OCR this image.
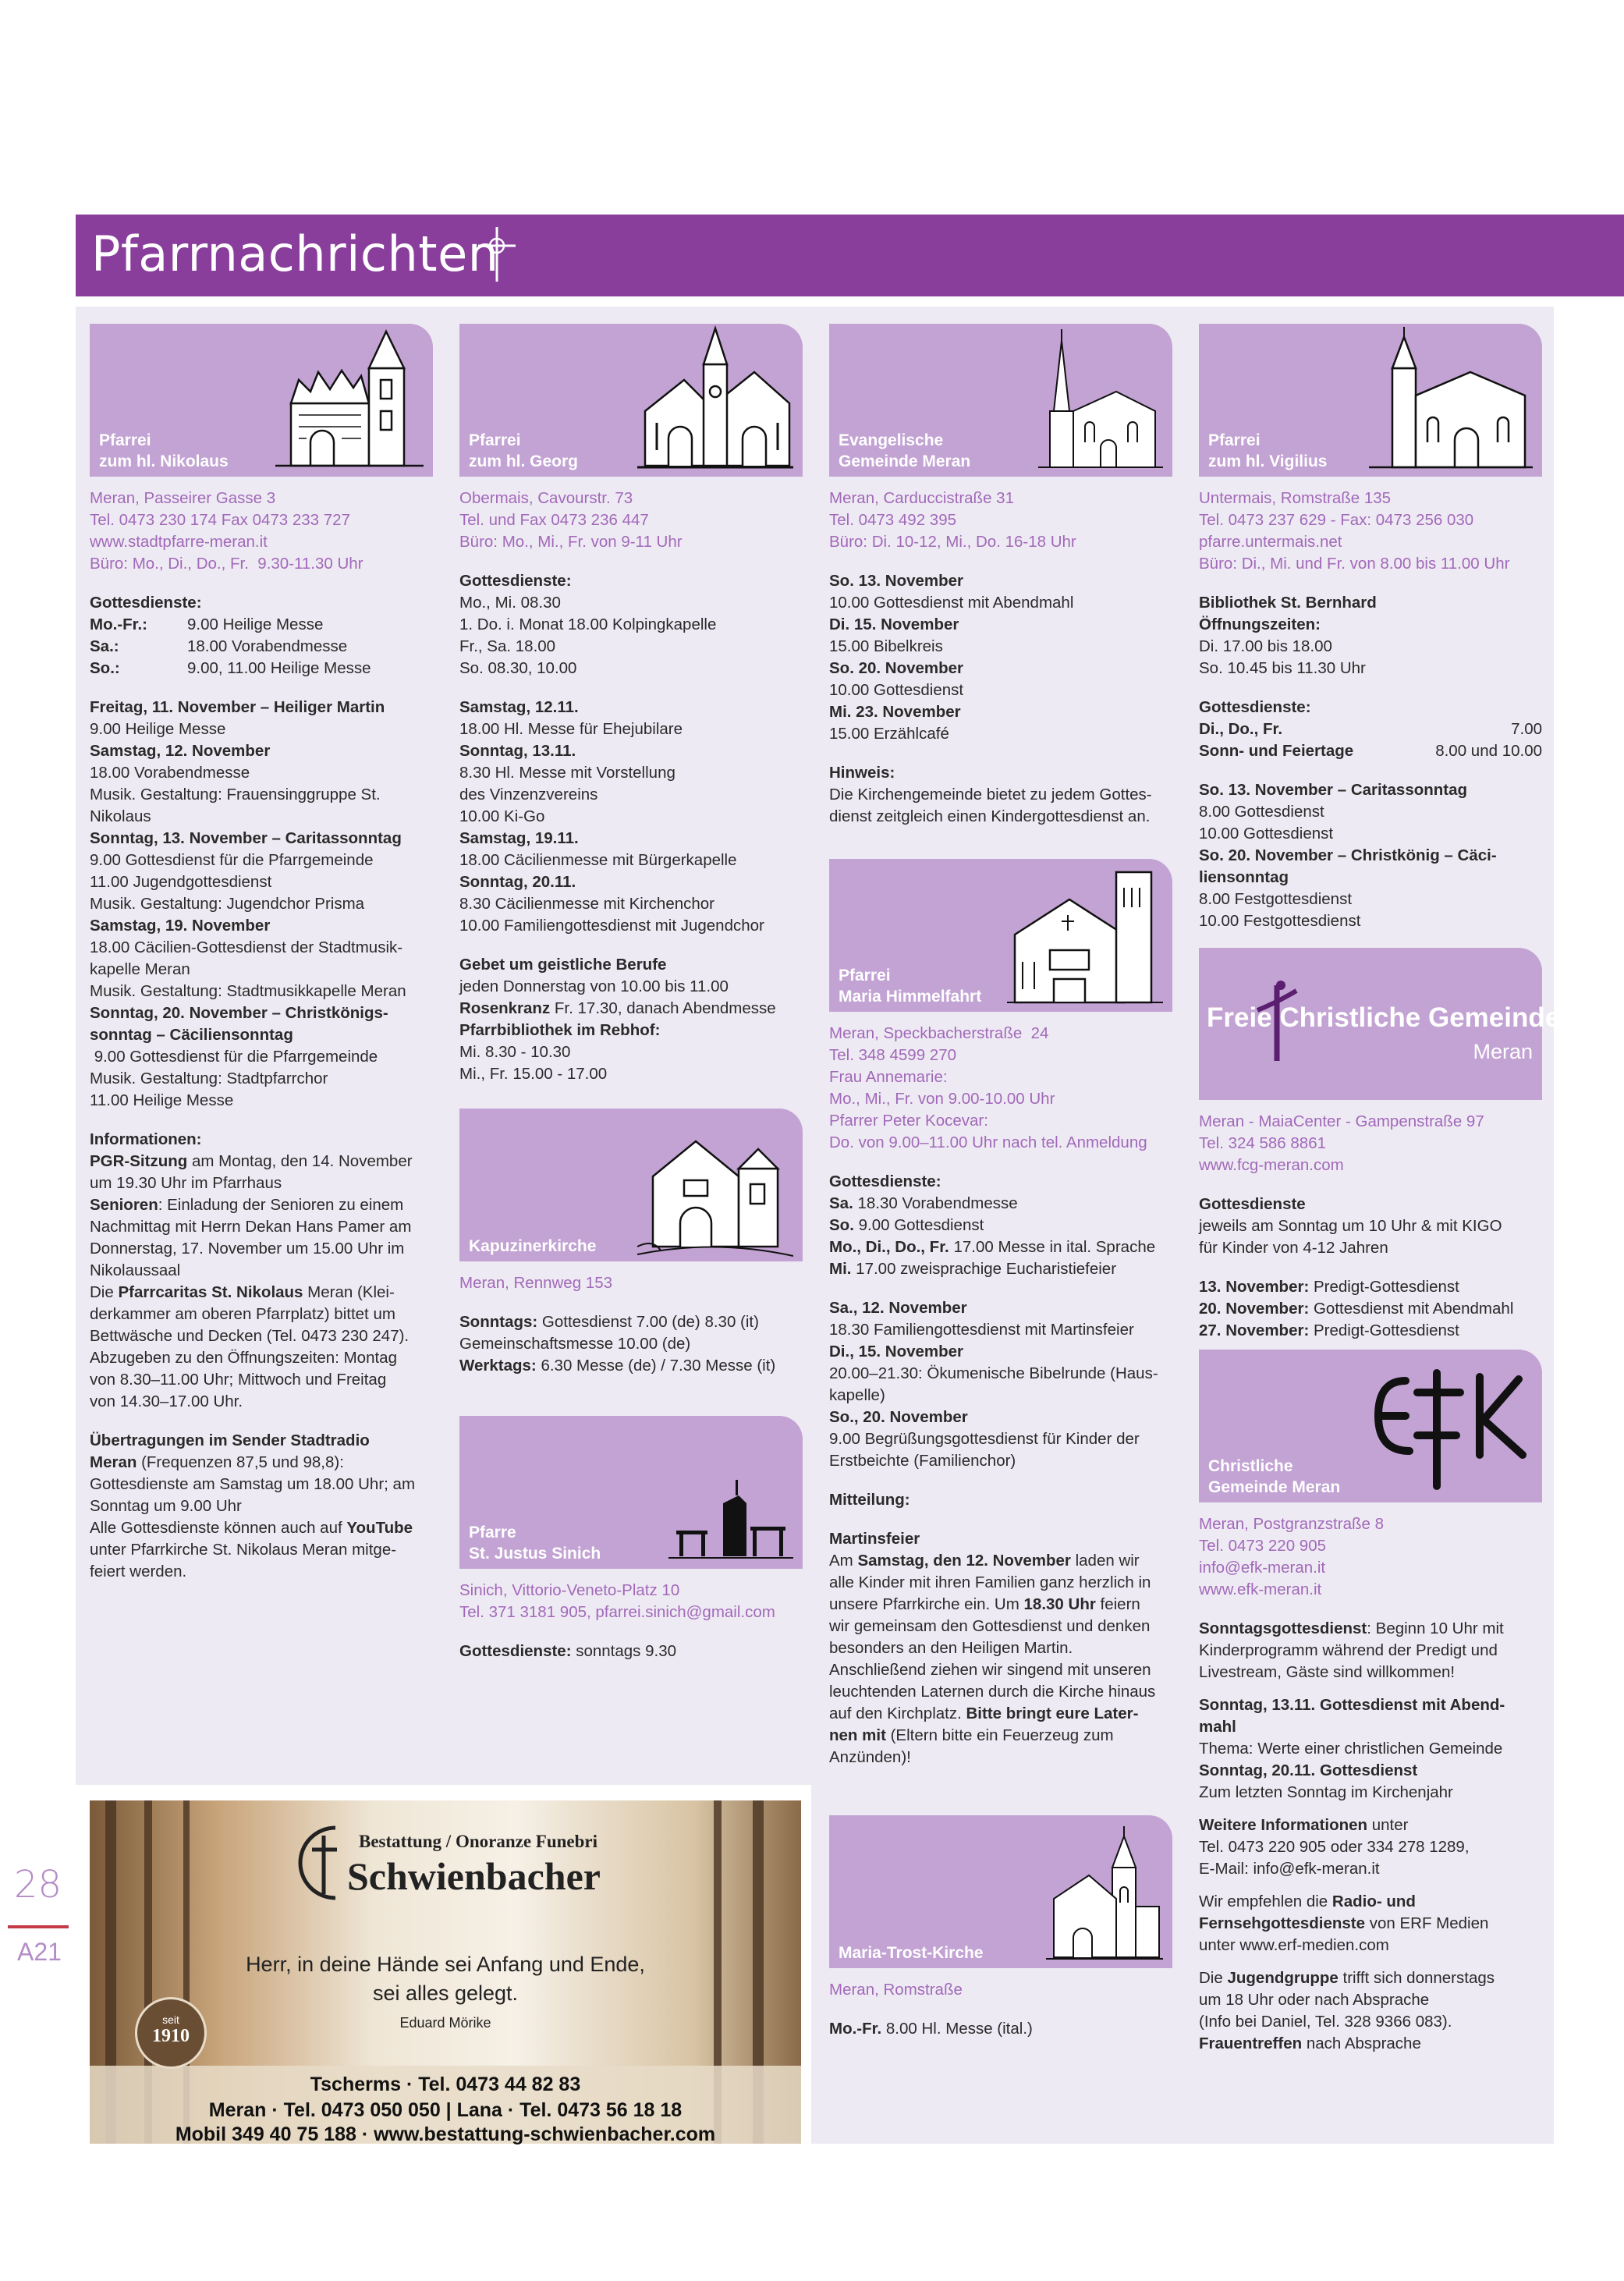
Pfarrnachrichten
28
A21
Pfarrei
zum hl. Nikolaus
Meran, Passeirer Gasse 3
Tel. 0473 230 174 Fax 0473 233 727
www.stadtpfarre-meran.it
Büro: Mo., Di., Do., Fr.  9.30-11.30 Uhr
Gottesdienste:
Mo.-Fr.: 9.00 Heilige Messe
Sa.:	18.00 Vorabendmesse
So.:	9.00, 11.00 Heilige Messe
Freitag, 11. November – Heiliger Martin
9.00 Heilige Messe
Samstag, 12. November
18.00 Vorabendmesse
Musik. Gestaltung: Frauensinggruppe St.
Nikolaus
Sonntag, 13. November – Caritassonntag
9.00 Gottesdienst für die Pfarrgemeinde
11.00 Jugendgottesdienst
Musik. Gestaltung: Jugendchor Prisma
Samstag, 19. November
18.00 Cäcilien-Gottesdienst der Stadtmusik-
kapelle Meran
Musik. Gestaltung: Stadtmusikkapelle Meran
Sonntag, 20. November – Christkönigs-
sonntag – Cäciliensonntag
9.00 Gottesdienst für die Pfarrgemeinde
Musik. Gestaltung: Stadtpfarrchor
11.00 Heilige Messe
Informationen:
PGR-Sitzung am Montag, den 14. November
um 19.30 Uhr im Pfarrhaus
Senioren: Einladung der Senioren zu einem
Nachmittag mit Herrn Dekan Hans Pamer am
Donnerstag, 17. November um 15.00 Uhr im
Nikolaussaal
Die Pfarrcaritas St. Nikolaus Meran (Klei-
derkammer am oberen Pfarrplatz) bittet um
Bettwäsche und Decken (Tel. 0473 230 247).
Abzugeben zu den Öffnungszeiten: Montag
von 8.30–11.00 Uhr; Mittwoch und Freitag
von 14.30–17.00 Uhr.
Übertragungen im Sender Stadtradio
Meran (Frequenzen 87,5 und 98,8):
Gottesdienste am Samstag um 18.00 Uhr; am
Sonntag um 9.00 Uhr
Alle Gottesdienste können auch auf YouTube
unter Pfarrkirche St. Nikolaus Meran mitge-
feiert werden.
Pfarrei
zum hl. Georg
Obermais, Cavourstr. 73
Tel. und Fax 0473 236 447
Büro: Mo., Mi., Fr. von 9-11 Uhr
Gottesdienste:
Mo., Mi. 08.30
1. Do. i. Monat 18.00 Kolpingkapelle
Fr., Sa. 18.00
So. 08.30, 10.00
Samstag, 12.11.
18.00 Hl. Messe für Ehejubilare
Sonntag, 13.11.
8.30 Hl. Messe mit Vorstellung
des Vinzenzvereins
10.00 Ki-Go
Samstag, 19.11.
18.00 Cäcilienmesse mit Bürgerkapelle
Sonntag, 20.11.
8.30 Cäcilienmesse mit Kirchenchor
10.00 Familiengottesdienst mit Jugendchor
Gebet um geistliche Berufe
jeden Donnerstag von 10.00 bis 11.00
Rosenkranz Fr. 17.30, danach Abendmesse
Pfarrbibliothek im Rebhof:
Mi. 8.30 - 10.30
Mi., Fr. 15.00 - 17.00
Kapuzinerkirche
Meran, Rennweg 153
Sonntags: Gottesdienst 7.00 (de) 8.30 (it)
Gemeinschaftsmesse 10.00 (de)
Werktags: 6.30 Messe (de) / 7.30 Messe (it)
Pfarre
St. Justus Sinich
Sinich, Vittorio-Veneto-Platz 10
Tel. 371 3181 905, pfarrei.sinich@gmail.com
Gottesdienste: sonntags 9.30
Evangelische
Gemeinde Meran
Meran, Carduccistraße 31
Tel. 0473 492 395
Büro: Di. 10-12, Mi., Do. 16-18 Uhr
So. 13. November
10.00 Gottesdienst mit Abendmahl
Di. 15. November
15.00 Bibelkreis
So. 20. November
10.00 Gottesdienst
Mi. 23. November
15.00 Erzählcafé
Hinweis:
Die Kirchengemeinde bietet zu jedem Gottes-
dienst zeitgleich einen Kindergottesdienst an.
Pfarrei
Maria Himmelfahrt
Meran, Speckbacherstraße  24
Tel. 348 4599 270
Frau Annemarie:
Mo., Mi., Fr. von 9.00-10.00 Uhr
Pfarrer Peter Kocevar:
Do. von 9.00–11.00 Uhr nach tel. Anmeldung
Gottesdienste:
Sa. 18.30 Vorabendmesse
So. 9.00 Gottesdienst
Mo., Di., Do., Fr. 17.00 Messe in ital. Sprache
Mi. 17.00 zweisprachige Eucharistiefeier
Sa., 12. November
18.30 Familiengottesdienst mit Martinsfeier
Di., 15. November
20.00–21.30: Ökumenische Bibelrunde (Haus-
kapelle)
So., 20. November
9.00 Begrüßungsgottesdienst für Kinder der
Erstbeichte (Familienchor)
Mitteilung:
Martinsfeier
Am Samstag, den 12. November laden wir
alle Kinder mit ihren Familien ganz herzlich in
unsere Pfarrkirche ein. Um 18.30 Uhr feiern
wir gemeinsam den Gottesdienst und denken
besonders an den Heiligen Martin.
Anschließend ziehen wir singend mit unseren
leuchtenden Laternen durch die Kirche hinaus
auf den Kirchplatz. Bitte bringt eure Later-
nen mit (Eltern bitte ein Feuerzeug zum
Anzünden)!
Maria-Trost-Kirche
Meran, Romstraße
Mo.-Fr. 8.00 Hl. Messe (ital.)
Pfarrei
zum hl. Vigilius
Untermais, Romstraße 135
Tel. 0473 237 629 - Fax: 0473 256 030
pfarre.untermais.net
Büro: Di., Mi. und Fr. von 8.00 bis 11.00 Uhr
Bibliothek St. Bernhard
Öffnungszeiten:
Di. 17.00 bis 18.00
So. 10.45 bis 11.30 Uhr
Gottesdienste:
Di., Do., Fr.	7.00
Sonn- und Feiertage	8.00 und 10.00
So. 13. November – Caritassonntag
8.00 Gottesdienst
10.00 Gottesdienst
So. 20. November – Christkönig – Cäci-
liensonntag
8.00 Festgottesdienst
10.00 Festgottesdienst
Freie Christliche Gemeinde
Meran
Meran - MaiaCenter - Gampenstraße 97
Tel. 324 586 8861
www.fcg-meran.com
Gottesdienste
jeweils am Sonntag um 10 Uhr & mit KIGO
für Kinder von 4-12 Jahren
13. November: Predigt-Gottesdienst
20. November: Gottesdienst mit Abendmahl
27. November: Predigt-Gottesdienst
Christliche
Gemeinde Meran
Meran, Postgranzstraße 8
Tel. 0473 220 905
info@efk-meran.it
www.efk-meran.it
Sonntagsgottesdienst: Beginn 10 Uhr mit
Kinderprogramm während der Predigt und
Livestream, Gäste sind willkommen!
Sonntag, 13.11. Gottesdienst mit Abend-
mahl
Thema: Werte einer christlichen Gemeinde
Sonntag, 20.11. Gottesdienst
Zum letzten Sonntag im Kirchenjahr
Weitere Informationen unter
Tel. 0473 220 905 oder 334 278 1289,
E-Mail: info@efk-meran.it
Wir empfehlen die Radio- und
Fernsehgottesdienste von ERF Medien
unter www.erf-medien.com
Die Jugendgruppe trifft sich donnerstags
um 18 Uhr oder nach Absprache
(Info bei Daniel, Tel. 328 9366 083).
Frauentreffen nach Absprache
Bestattung / Onoranze Funebri
Schwienbacher
Herr, in deine Hände sei Anfang und Ende,
sei alles gelegt.
Eduard Mörike
seit
1910
Tscherms · Tel. 0473 44 82 83
Meran · Tel. 0473 050 050 | Lana · Tel. 0473 56 18 18
Mobil 349 40 75 188 · www.bestattung-schwienbacher.com
